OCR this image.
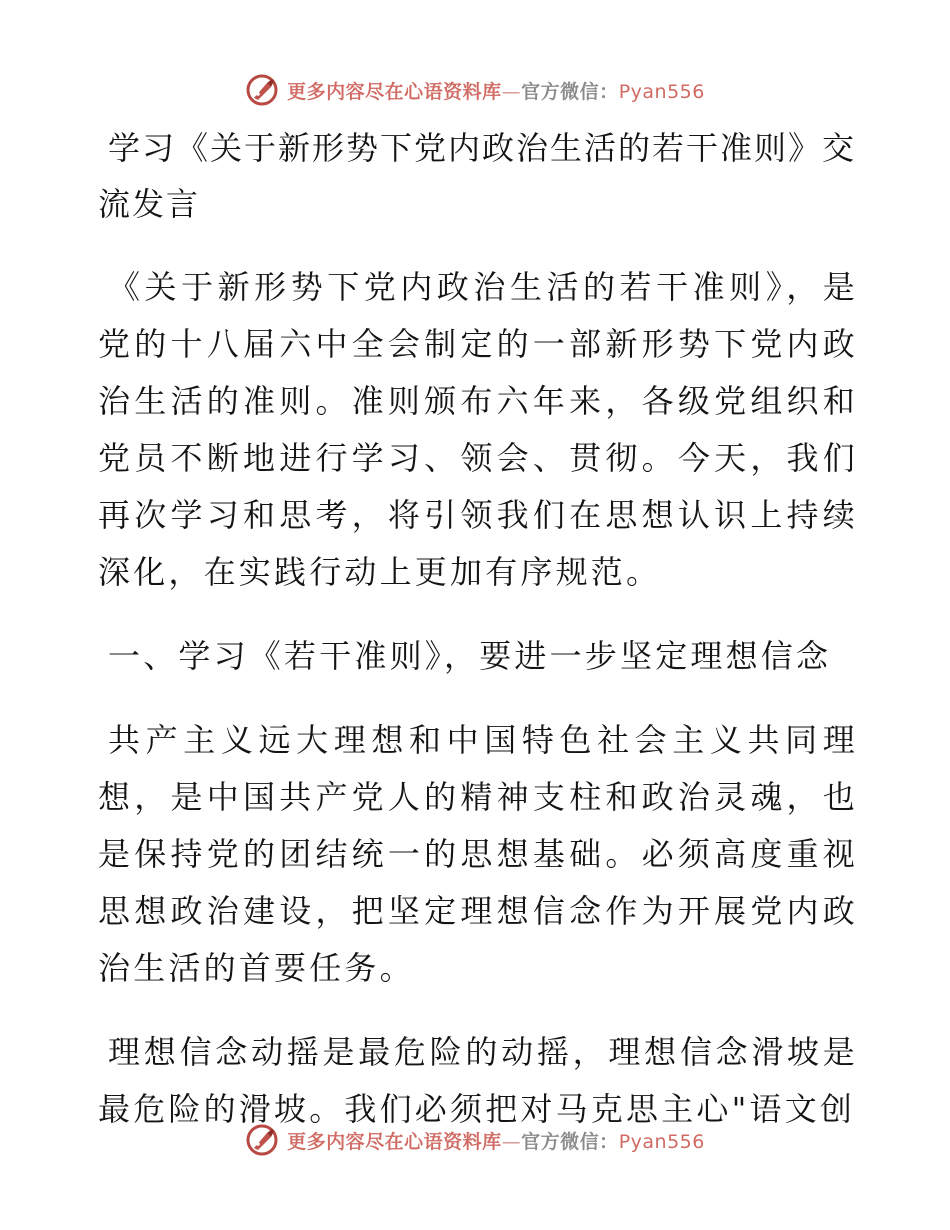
更多内容尽在心语资料库—官方微信：Pyan556
学习《关于新形势下党内政治生活的若干准则》交流发言

《关于新形势下党内政治生活的若干准则》，是党的十八届六中全会制定的一部新形势下党内政治生活的准则。准则颁布六年来，各级党组织和党员不断地进行学习、领会、贯彻。今天，我们再次学习和思考，将引领我们在思想认识上持续深化，在实践行动上更加有序规范。

一、学习《若干准则》，要进一步坚定理想信念

共产主义远大理想和中国特色社会主义共同理想，是中国共产党人的精神支柱和政治灵魂，也是保持党的团结统一的思想基础。必须高度重视思想政治建设，把坚定理想信念作为开展党内政治生活的首要任务。

理想信念动摇是最危险的动摇，理想信念滑坡是最危险的滑坡。我们必须把对马克思主心"语文创

更多内容尽在心语资料库—官方微信：Pyan556
